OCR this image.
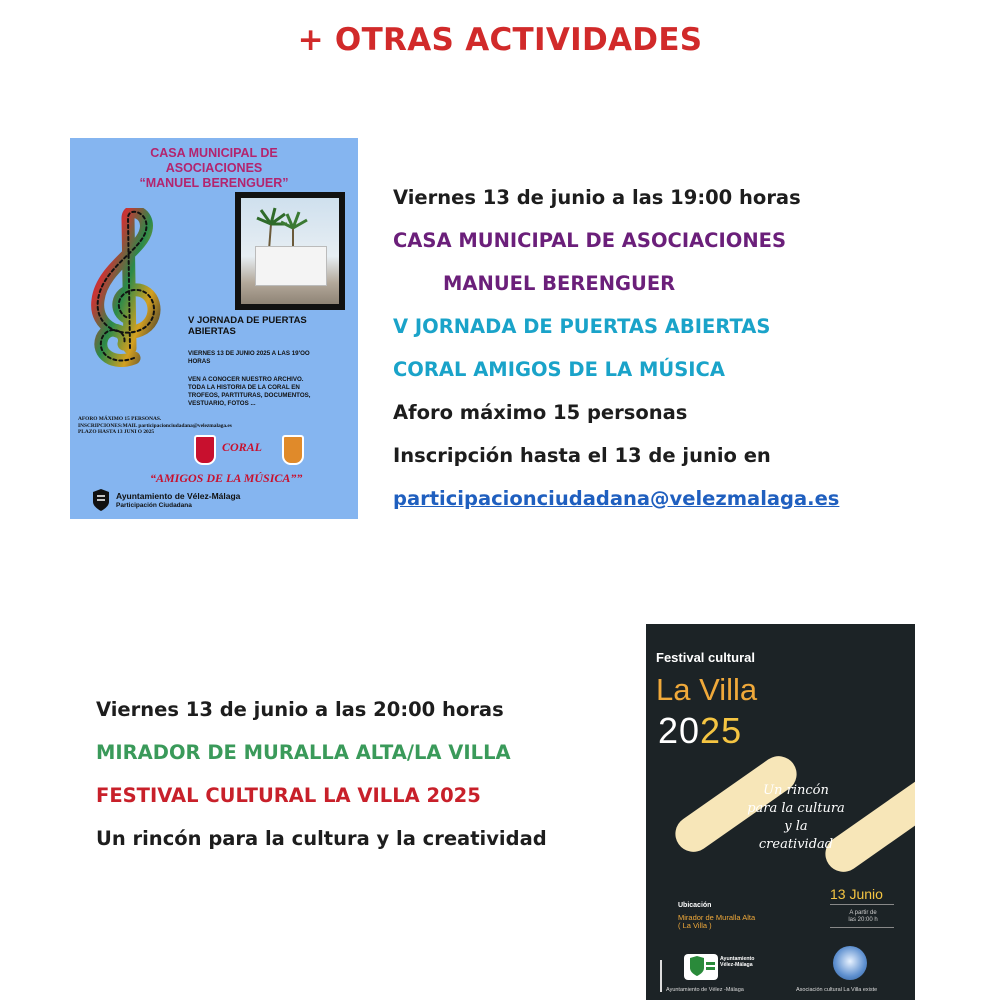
+ OTRAS ACTIVIDADES
CASA MUNICIPAL DE
ASOCIACIONES
“MANUEL BERENGUER”
V JORNADA DE PUERTAS
ABIERTAS
VIERNES 13 DE JUNIO 2025 A LAS 19'OO
HORAS
VEN A CONOCER NUESTRO ARCHIVO.
TODA LA HISTORIA DE LA CORAL EN
TROFEOS, PARTITURAS, DOCUMENTOS,
VESTUARIO, FOTOS ...
AFORO MÁXIMO 15 PERSONAS.
INSCRIPCIONES:MAIL participacionciudadana@velezmalaga.es
PLAZO HASTA 13 JUNI O 2025
CORAL
“AMIGOS DE LA MÚSICA””
Ayuntamiento de Vélez-Málaga
Participación Ciudadana
Viernes 13 de junio a las 19:00 horas
CASA MUNICIPAL DE ASOCIACIONES
MANUEL BERENGUER
V JORNADA DE PUERTAS ABIERTAS
CORAL AMIGOS DE LA MÚSICA
Aforo máximo 15 personas
Inscripción hasta el 13 de junio en
participacionciudadana@velezmalaga.es
Viernes 13 de junio a las 20:00 horas
MIRADOR DE MURALLA ALTA/LA VILLA
FESTIVAL CULTURAL LA VILLA 2025
Un rincón para la cultura y la creatividad
Festival cultural
La Villa
2025
Un rincón
para la cultura
y la
creatividad
Ubicación
Mirador de Muralla Alta
( La Villa )
13 Junio
A partir de
las 20:00 h
Ayuntamiento
Vélez-Málaga
Ayuntamiento de Vélez -Málaga	Asociación cultural La Villa existe
